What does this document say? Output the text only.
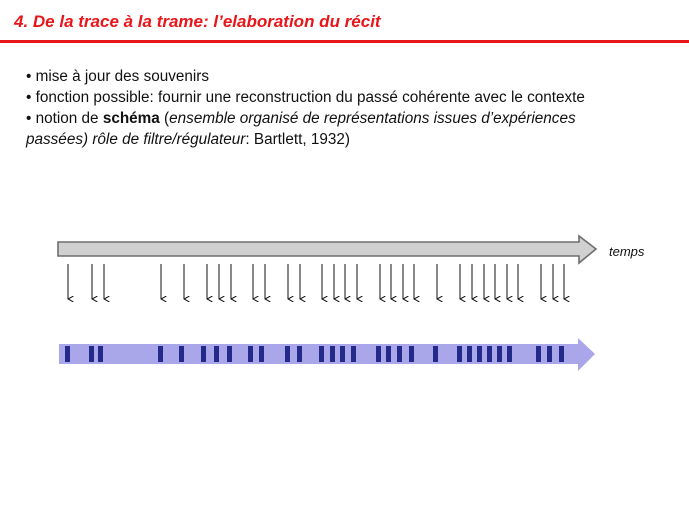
4. De la trace à la trame: l’elaboration du récit
• mise à jour des souvenirs
• fonction possible: fournir une reconstruction du passé cohérente avec le contexte
• notion de schéma (ensemble organisé de représentations issues d’expériences
passées) rôle de filtre/régulateur: Bartlett, 1932)
temps
